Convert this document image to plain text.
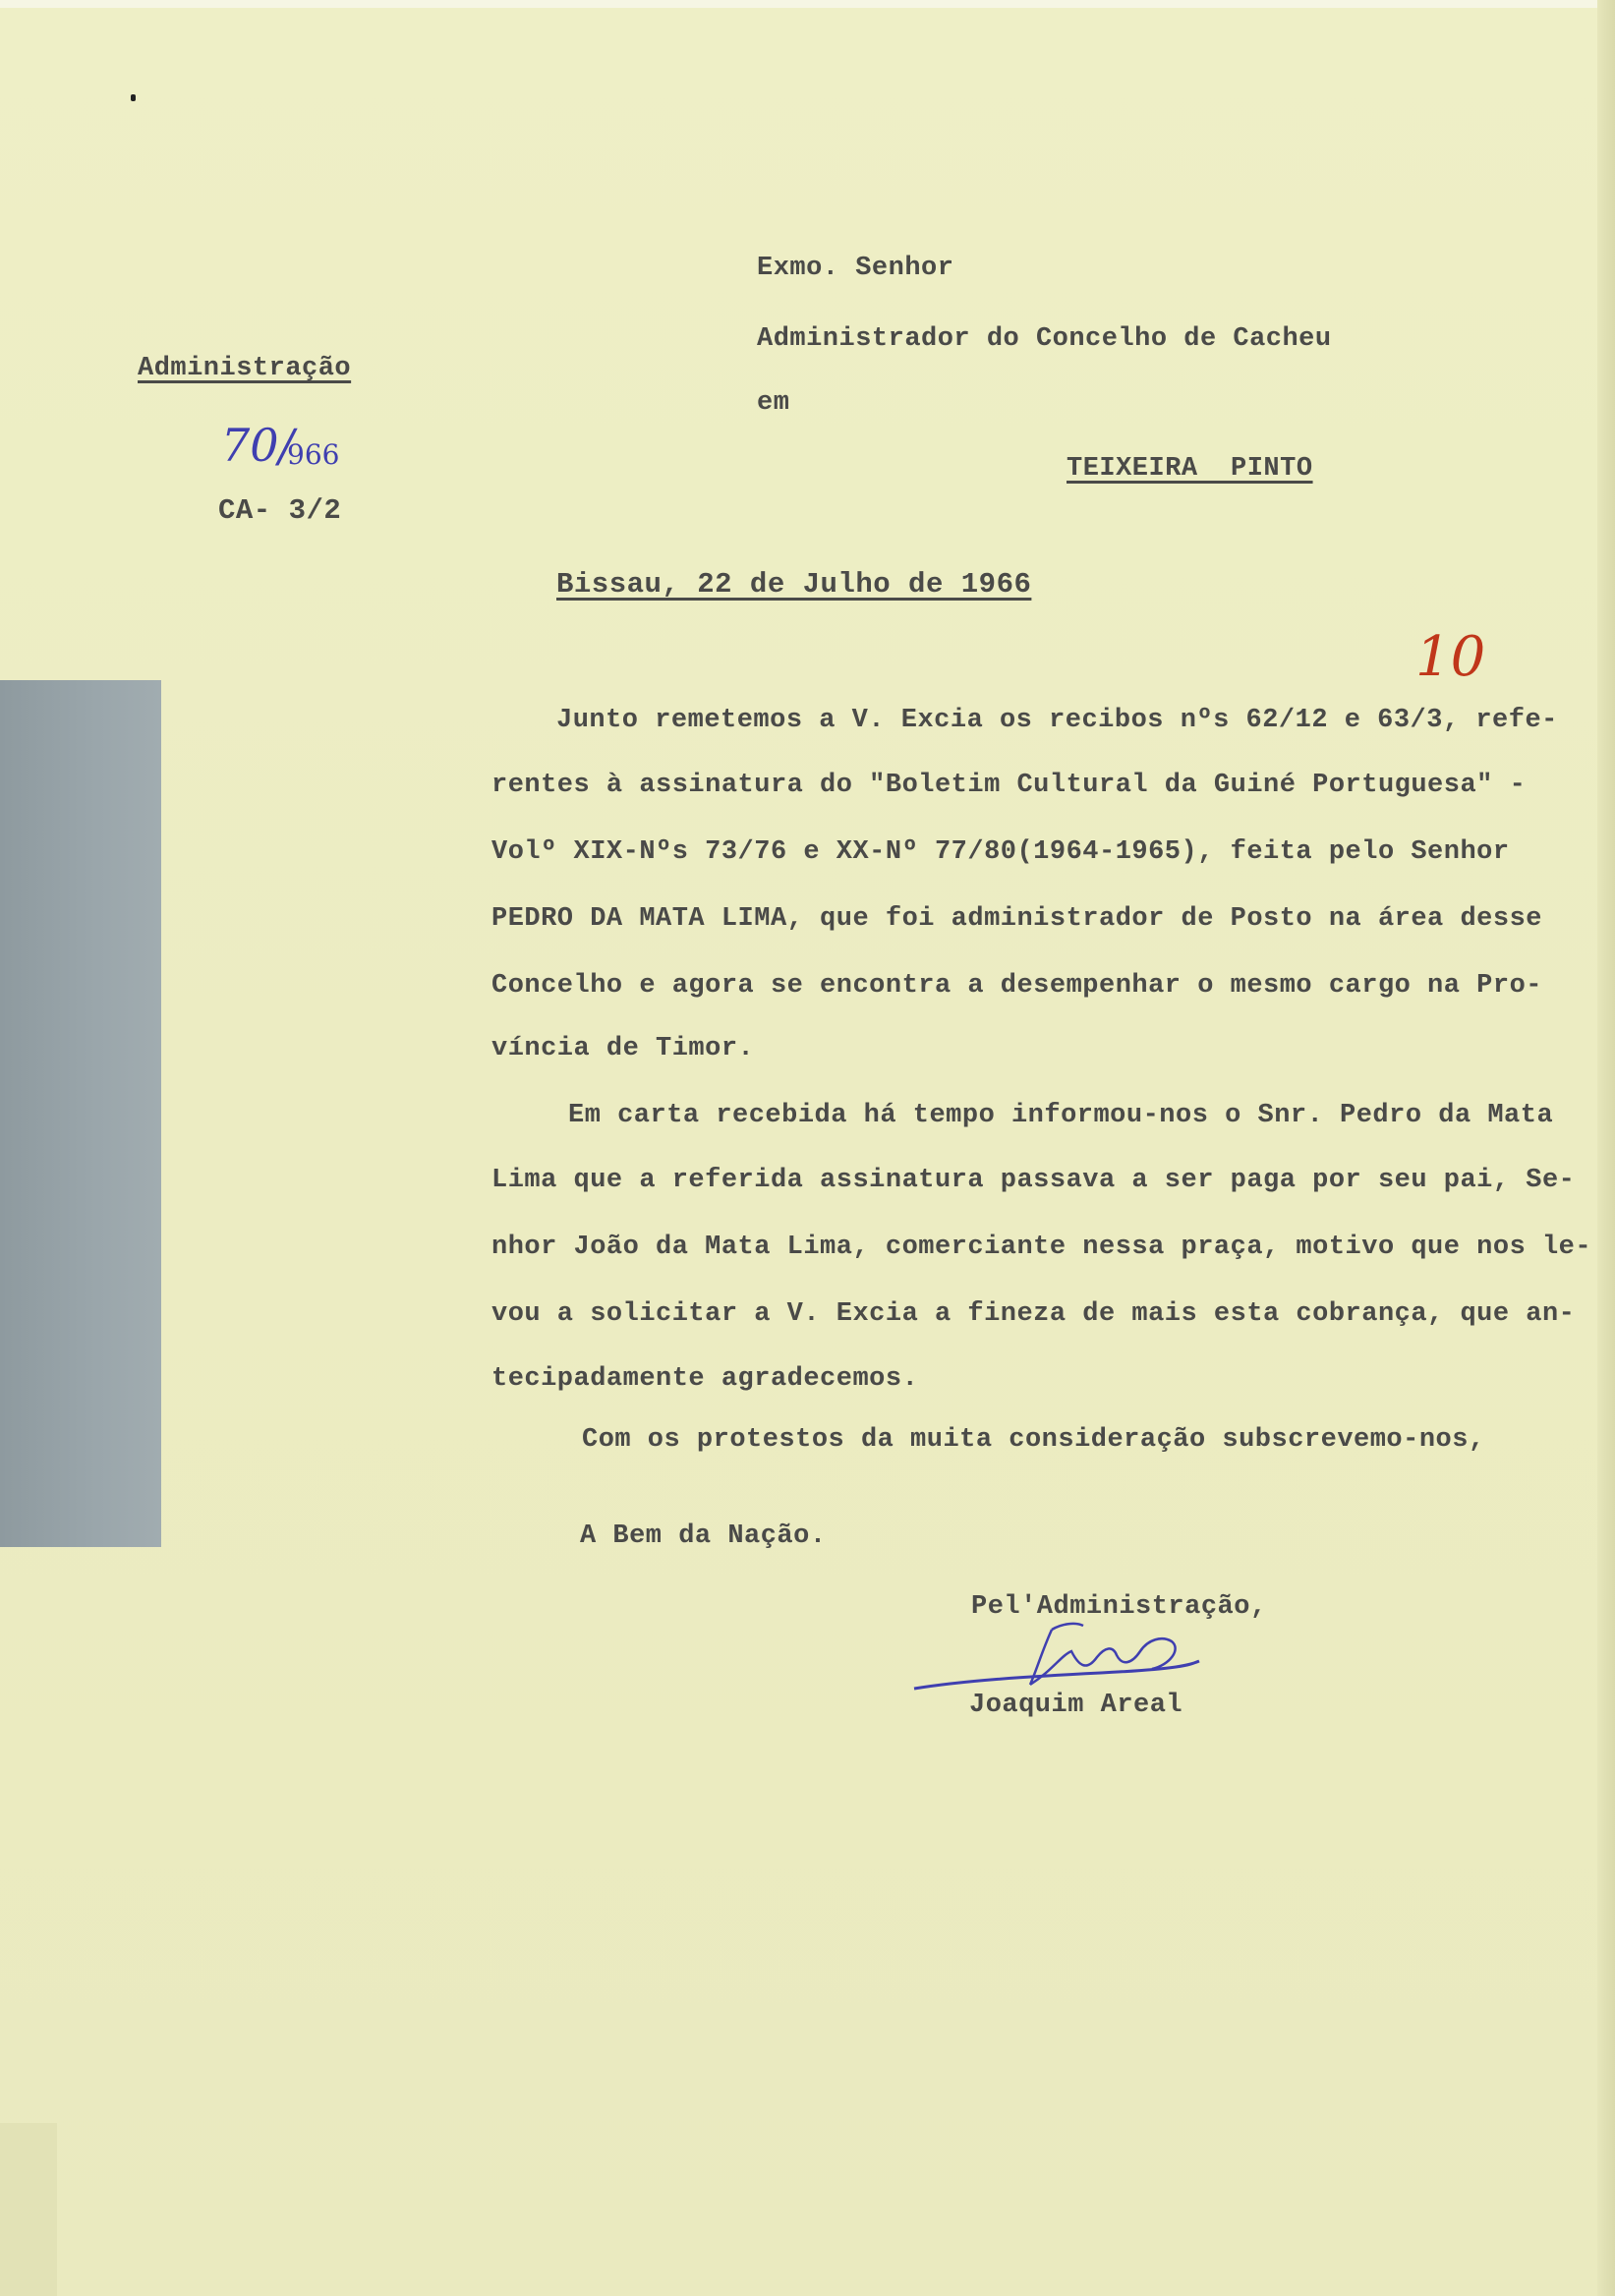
Exmo. Senhor
Administrador do Concelho de Cacheu
em
TEIXEIRA  PINTO
Administração
70/
966
CA- 3/2
Bissau, 22 de Julho de 1966
10
Junto remetemos a V. Excia os recibos nºs 62/12 e 63/3, refe-
rentes à assinatura do "Boletim Cultural da Guiné Portuguesa" -
Volº XIX-Nºs 73/76 e XX-Nº 77/80(1964-1965), feita pelo Senhor
PEDRO DA MATA LIMA, que foi administrador de Posto na área desse
Concelho e agora se encontra a desempenhar o mesmo cargo na Pro-
víncia de Timor.
Em carta recebida há tempo informou-nos o Snr. Pedro da Mata
Lima que a referida assinatura passava a ser paga por seu pai, Se-
nhor João da Mata Lima, comerciante nessa praça, motivo que nos le-
vou a solicitar a V. Excia a fineza de mais esta cobrança, que an-
tecipadamente agradecemos.
Com os protestos da muita consideração subscrevemo-nos,
A Bem da Nação.
Pel'Administração,
Joaquim Areal
